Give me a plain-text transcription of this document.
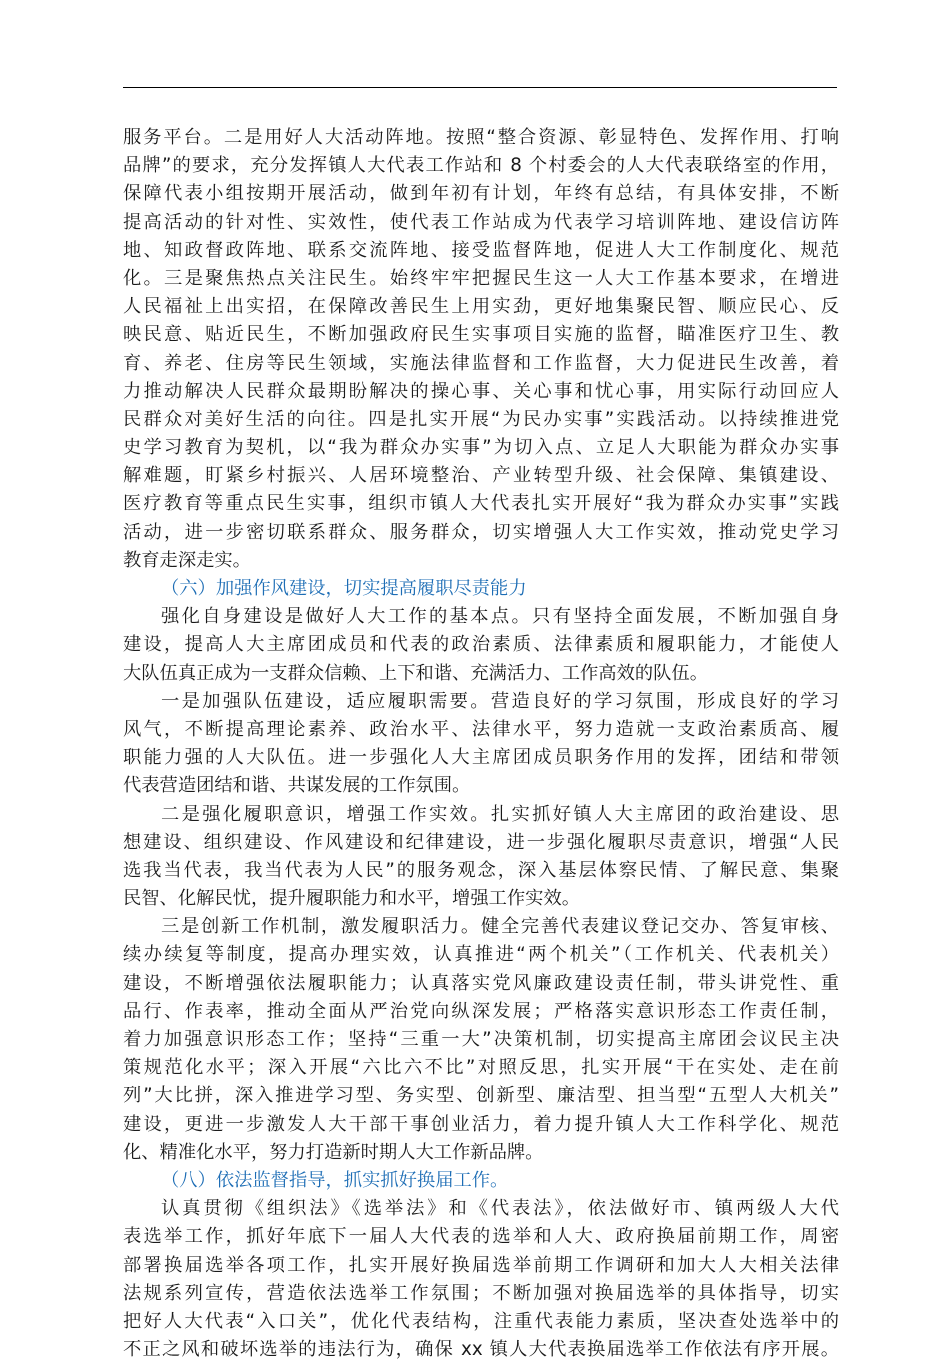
服务平台。二是用好人大活动阵地。按照“整合资源、彰显特色、发挥作用、打响
品牌”的要求，充分发挥镇人大代表工作站和 8 个村委会的人大代表联络室的作用，
保障代表小组按期开展活动，做到年初有计划，年终有总结，有具体安排，不断
提高活动的针对性、实效性，使代表工作站成为代表学习培训阵地、建设信访阵
地、知政督政阵地、联系交流阵地、接受监督阵地，促进人大工作制度化、规范
化。三是聚焦热点关注民生。始终牢牢把握民生这一人大工作基本要求，在增进
人民福祉上出实招，在保障改善民生上用实劲，更好地集聚民智、顺应民心、反
映民意、贴近民生，不断加强政府民生实事项目实施的监督，瞄准医疗卫生、教
育、养老、住房等民生领域，实施法律监督和工作监督，大力促进民生改善，着
力推动解决人民群众最期盼解决的操心事、关心事和忧心事，用实际行动回应人
民群众对美好生活的向往。四是扎实开展“为民办实事”实践活动。以持续推进党
史学习教育为契机，以“我为群众办实事”为切入点、立足人大职能为群众办实事
解难题，盯紧乡村振兴、人居环境整治、产业转型升级、社会保障、集镇建设、
医疗教育等重点民生实事，组织市镇人大代表扎实开展好“我为群众办实事”实践
活动，进一步密切联系群众、服务群众，切实增强人大工作实效，推动党史学习
教育走深走实。
（六）加强作风建设，切实提高履职尽责能力
强化自身建设是做好人大工作的基本点。只有坚持全面发展，不断加强自身
建设，提高人大主席团成员和代表的政治素质、法律素质和履职能力，才能使人
大队伍真正成为一支群众信赖、上下和谐、充满活力、工作高效的队伍。
一是加强队伍建设，适应履职需要。营造良好的学习氛围，形成良好的学习
风气，不断提高理论素养、政治水平、法律水平，努力造就一支政治素质高、履
职能力强的人大队伍。进一步强化人大主席团成员职务作用的发挥，团结和带领
代表营造团结和谐、共谋发展的工作氛围。
二是强化履职意识，增强工作实效。扎实抓好镇人大主席团的政治建设、思
想建设、组织建设、作风建设和纪律建设，进一步强化履职尽责意识，增强“人民
选我当代表，我当代表为人民”的服务观念，深入基层体察民情、了解民意、集聚
民智、化解民忧，提升履职能力和水平，增强工作实效。
三是创新工作机制，激发履职活力。健全完善代表建议登记交办、答复审核、
续办续复等制度，提高办理实效，认真推进“两个机关”（工作机关、代表机关）
建设，不断增强依法履职能力；认真落实党风廉政建设责任制，带头讲党性、重
品行、作表率，推动全面从严治党向纵深发展；严格落实意识形态工作责任制，
着力加强意识形态工作；坚持“三重一大”决策机制，切实提高主席团会议民主决
策规范化水平；深入开展“六比六不比”对照反思，扎实开展“干在实处、走在前
列”大比拼，深入推进学习型、务实型、创新型、廉洁型、担当型“五型人大机关”
建设，更进一步激发人大干部干事创业活力，着力提升镇人大工作科学化、规范
化、精准化水平，努力打造新时期人大工作新品牌。
（八）依法监督指导，抓实抓好换届工作。
认真贯彻《组织法》《选举法》和《代表法》，依法做好市、镇两级人大代
表选举工作，抓好年底下一届人大代表的选举和人大、政府换届前期工作，周密
部署换届选举各项工作，扎实开展好换届选举前期工作调研和加大人大相关法律
法规系列宣传，营造依法选举工作氛围；不断加强对换届选举的具体指导，切实
把好人大代表“入口关”，优化代表结构，注重代表能力素质，坚决查处选举中的
不正之风和破坏选举的违法行为，确保 xx 镇人大代表换届选举工作依法有序开展。
